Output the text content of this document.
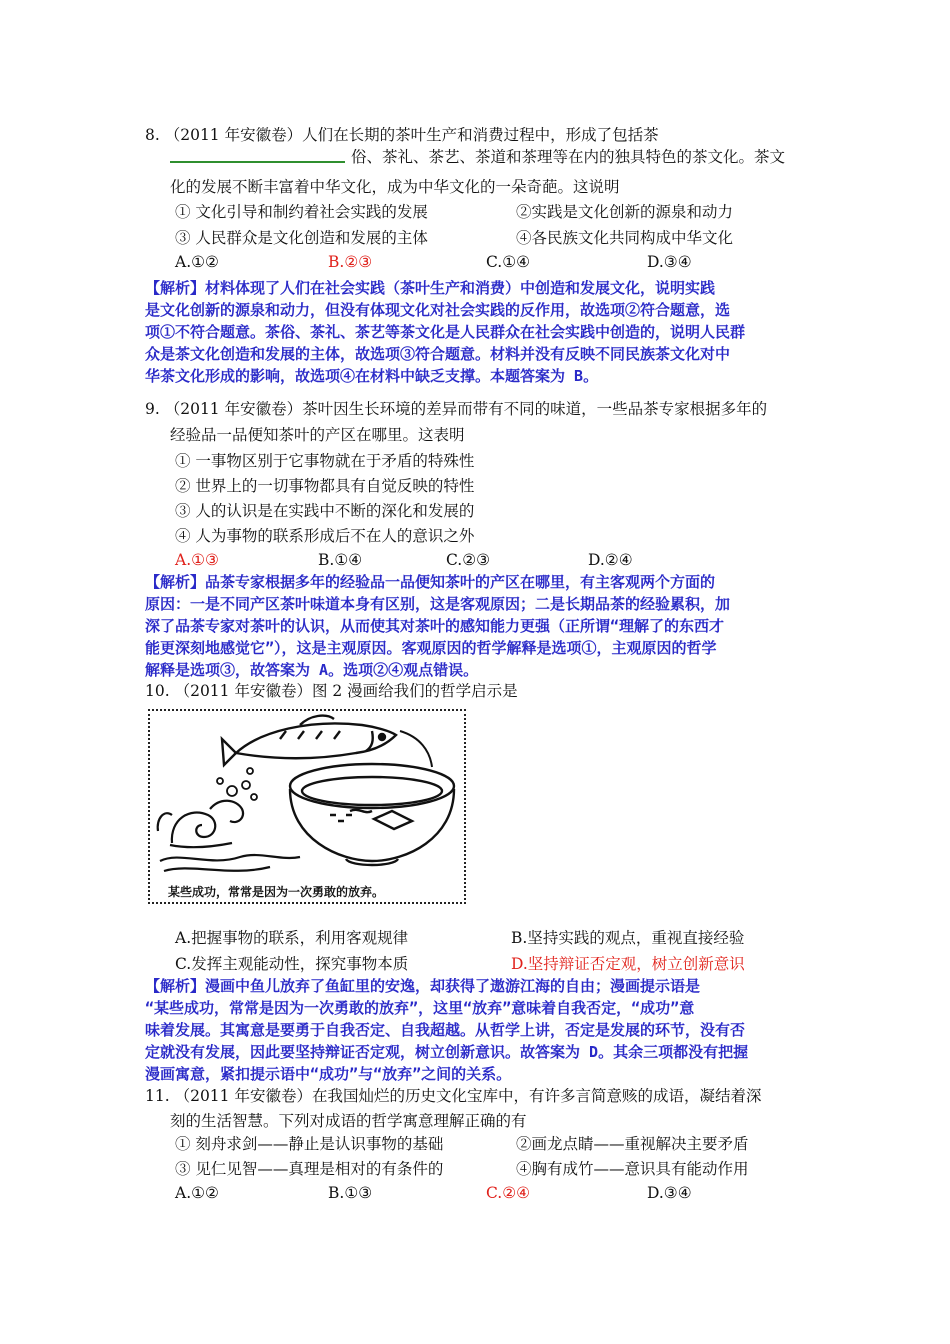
8. （2011 年安徽卷）人们在长期的茶叶生产和消费过程中，形成了包括茶
俗、茶礼、茶艺、茶道和茶理等在内的独具特色的茶文化。茶文
化的发展不断丰富着中华文化，成为中华文化的一朵奇葩。这说明
① 文化引导和制约着社会实践的发展	②实践是文化创新的源泉和动力
③ 人民群众是文化创造和发展的主体	④各民族文化共同构成中华文化
A.①②	B.②③	C.①④	D.③④
【解析】材料体现了人们在社会实践（茶叶生产和消费）中创造和发展文化，说明实践
是文化创新的源泉和动力，但没有体现文化对社会实践的反作用，故选项②符合题意，选
项①不符合题意。茶俗、茶礼、茶艺等茶文化是人民群众在社会实践中创造的，说明人民群
众是茶文化创造和发展的主体，故选项③符合题意。材料并没有反映不同民族茶文化对中
华茶文化形成的影响，故选项④在材料中缺乏支撑。本题答案为 B。
9. （2011 年安徽卷）茶叶因生长环境的差异而带有不同的味道，一些品茶专家根据多年的
经验品一品便知茶叶的产区在哪里。这表明
① 一事物区别于它事物就在于矛盾的特殊性
② 世界上的一切事物都具有自觉反映的特性
③ 人的认识是在实践中不断的深化和发展的
④ 人为事物的联系形成后不在人的意识之外
A.①③	B.①④	C.②③	D.②④
【解析】品茶专家根据多年的经验品一品便知茶叶的产区在哪里，有主客观两个方面的
原因：一是不同产区茶叶味道本身有区别，这是客观原因；二是长期品茶的经验累积，加
深了品茶专家对茶叶的认识，从而使其对茶叶的感知能力更强（正所谓“理解了的东西才
能更深刻地感觉它”），这是主观原因。客观原因的哲学解释是选项①，主观原因的哲学
解释是选项③，故答案为 A。选项②④观点错误。
10. （2011 年安徽卷）图 2 漫画给我们的哲学启示是
某些成功，常常是因为一次勇敢的放弃。
A.把握事物的联系，利用客观规律	B.坚持实践的观点，重视直接经验
C.发挥主观能动性，探究事物本质	D.坚持辩证否定观，树立创新意识
【解析】漫画中鱼儿放弃了鱼缸里的安逸，却获得了遨游江海的自由；漫画提示语是
“某些成功，常常是因为一次勇敢的放弃”，这里“放弃”意味着自我否定，“成功”意
味着发展。其寓意是要勇于自我否定、自我超越。从哲学上讲，否定是发展的环节，没有否
定就没有发展，因此要坚持辩证否定观，树立创新意识。故答案为 D。其余三项都没有把握
漫画寓意，紧扣提示语中“成功”与“放弃”之间的关系。
11. （2011 年安徽卷）在我国灿烂的历史文化宝库中，有许多言简意赅的成语，凝结着深
刻的生活智慧。下列对成语的哲学寓意理解正确的有
① 刻舟求剑——静止是认识事物的基础	②画龙点睛——重视解决主要矛盾
③ 见仁见智——真理是相对的有条件的	④胸有成竹——意识具有能动作用
A.①②	B.①③	C.②④	D.③④
